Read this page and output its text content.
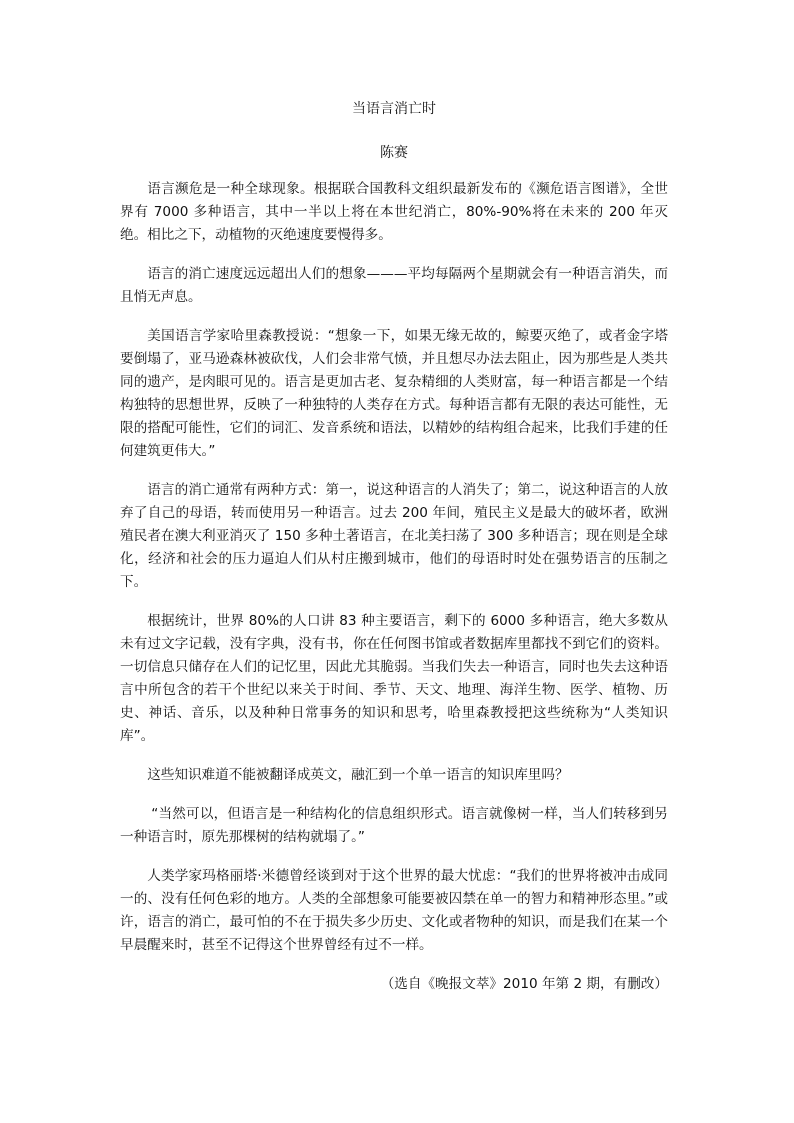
当语言消亡时
陈赛

语言濒危是一种全球现象。根据联合国教科文组织最新发布的《濒危语言图谱》，全世界有 7000 多种语言，其中一半以上将在本世纪消亡，80%-90%将在未来的 200 年灭绝。相比之下，动植物的灭绝速度要慢得多。

语言的消亡速度远远超出人们的想象———平均每隔两个星期就会有一种语言消失，而且悄无声息。

美国语言学家哈里森教授说：“想象一下，如果无缘无故的，鲸要灭绝了，或者金字塔要倒塌了，亚马逊森林被砍伐，人们会非常气愤，并且想尽办法去阻止，因为那些是人类共同的遗产，是肉眼可见的。语言是更加古老、复杂精细的人类财富，每一种语言都是一个结构独特的思想世界，反映了一种独特的人类存在方式。每种语言都有无限的表达可能性，无限的搭配可能性，它们的词汇、发音系统和语法，以精妙的结构组合起来，比我们手建的任何建筑更伟大。”

语言的消亡通常有两种方式：第一，说这种语言的人消失了；第二，说这种语言的人放弃了自己的母语，转而使用另一种语言。过去 200 年间，殖民主义是最大的破坏者，欧洲殖民者在澳大利亚消灭了 150 多种土著语言，在北美扫荡了 300 多种语言；现在则是全球化，经济和社会的压力逼迫人们从村庄搬到城市，他们的母语时时处在强势语言的压制之下。

根据统计，世界 80%的人口讲 83 种主要语言，剩下的 6000 多种语言，绝大多数从未有过文字记载，没有字典，没有书，你在任何图书馆或者数据库里都找不到它们的资料。一切信息只储存在人们的记忆里，因此尤其脆弱。当我们失去一种语言，同时也失去这种语言中所包含的若干个世纪以来关于时间、季节、天文、地理、海洋生物、医学、植物、历史、神话、音乐，以及种种日常事务的知识和思考，哈里森教授把这些统称为“人类知识库”。

这些知识难道不能被翻译成英文，融汇到一个单一语言的知识库里吗？

“当然可以，但语言是一种结构化的信息组织形式。语言就像树一样，当人们转移到另一种语言时，原先那棵树的结构就塌了。”

人类学家玛格丽塔·米德曾经谈到对于这个世界的最大忧虑：“我们的世界将被冲击成同一的、没有任何色彩的地方。人类的全部想象可能要被囚禁在单一的智力和精神形态里。”或许，语言的消亡，最可怕的不在于损失多少历史、文化或者物种的知识，而是我们在某一个早晨醒来时，甚至不记得这个世界曾经有过不一样。

（选自《晚报文萃》2010 年第 2 期，有删改）
